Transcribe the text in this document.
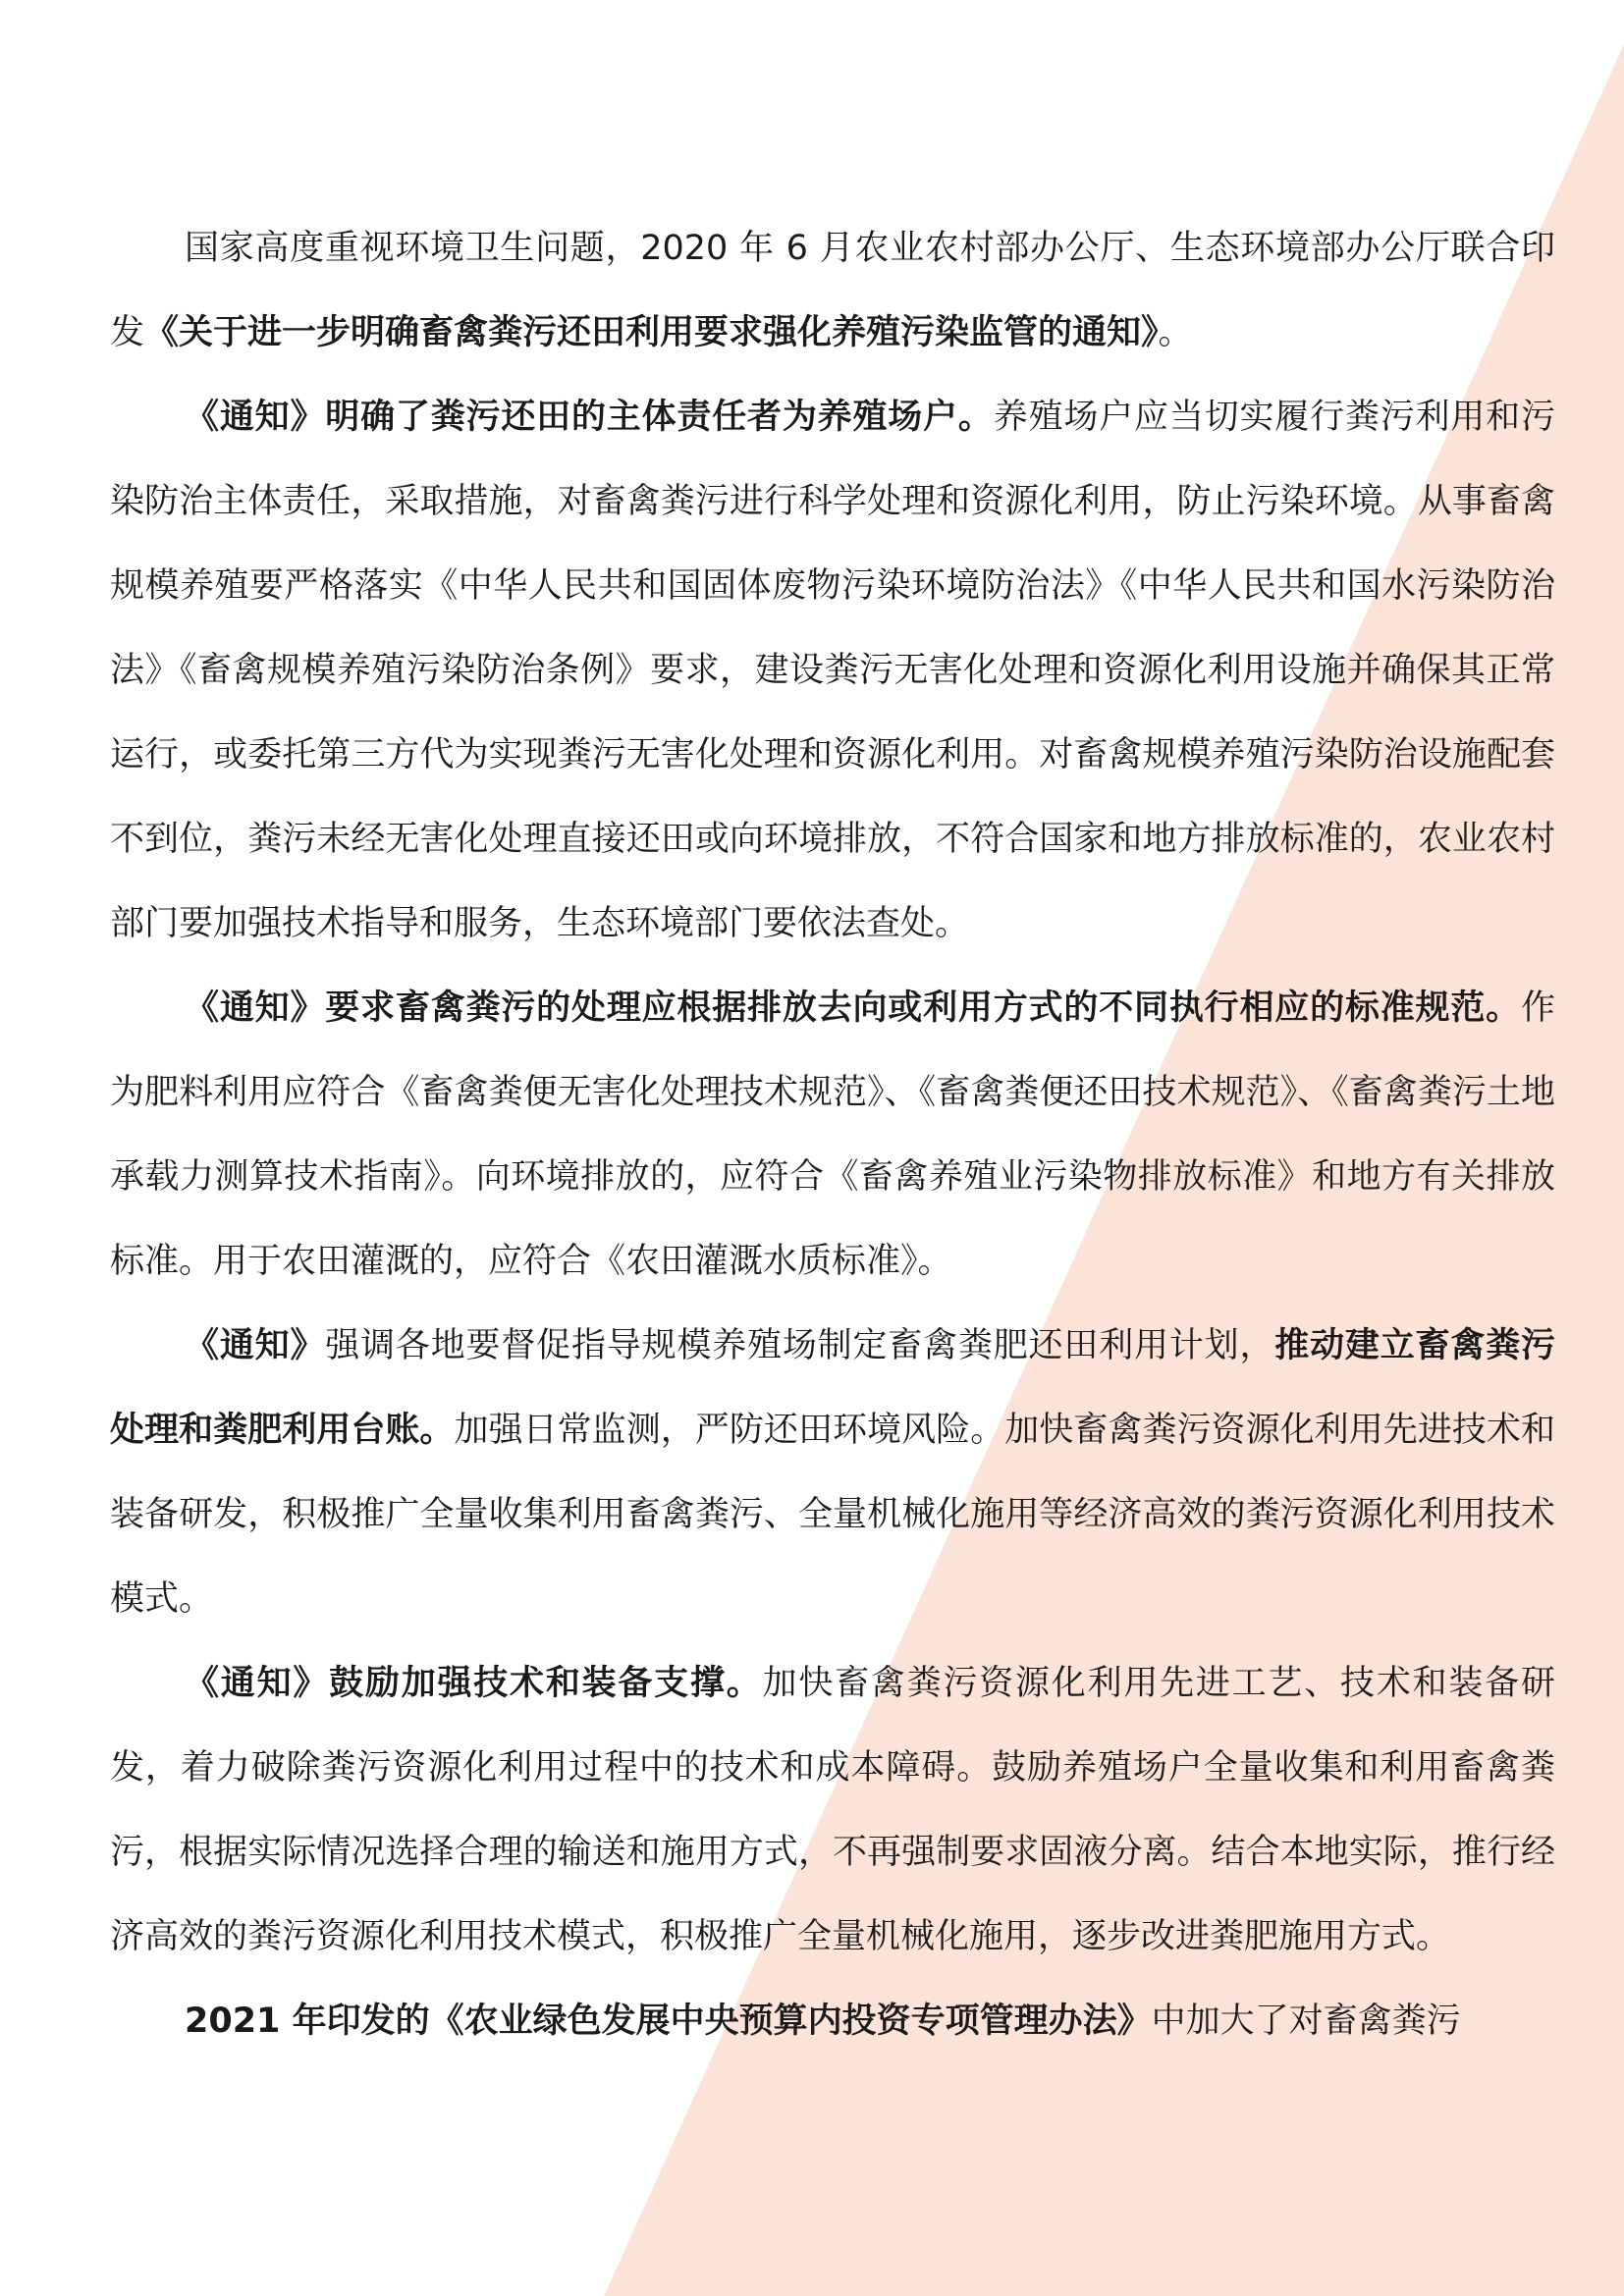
国家高度重视环境卫生问题，2020 年 6 月农业农村部办公厅、生态环境部办公厅联合印发《关于进一步明确畜禽粪污还田利用要求强化养殖污染监管的通知》。

《通知》明确了粪污还田的主体责任者为养殖场户。养殖场户应当切实履行粪污利用和污染防治主体责任，采取措施，对畜禽粪污进行科学处理和资源化利用，防止污染环境。从事畜禽规模养殖要严格落实《中华人民共和国固体废物污染环境防治法》《中华人民共和国水污染防治法》《畜禽规模养殖污染防治条例》要求，建设粪污无害化处理和资源化利用设施并确保其正常运行，或委托第三方代为实现粪污无害化处理和资源化利用。对畜禽规模养殖污染防治设施配套不到位，粪污未经无害化处理直接还田或向环境排放，不符合国家和地方排放标准的，农业农村部门要加强技术指导和服务，生态环境部门要依法查处。

《通知》要求畜禽粪污的处理应根据排放去向或利用方式的不同执行相应的标准规范。作为肥料利用应符合《畜禽粪便无害化处理技术规范》、《畜禽粪便还田技术规范》、《畜禽粪污土地承载力测算技术指南》。向环境排放的，应符合《畜禽养殖业污染物排放标准》和地方有关排放标准。用于农田灌溉的，应符合《农田灌溉水质标准》。

《通知》强调各地要督促指导规模养殖场制定畜禽粪肥还田利用计划，推动建立畜禽粪污处理和粪肥利用台账。加强日常监测，严防还田环境风险。加快畜禽粪污资源化利用先进技术和装备研发，积极推广全量收集利用畜禽粪污、全量机械化施用等经济高效的粪污资源化利用技术模式。

《通知》鼓励加强技术和装备支撑。加快畜禽粪污资源化利用先进工艺、技术和装备研发，着力破除粪污资源化利用过程中的技术和成本障碍。鼓励养殖场户全量收集和利用畜禽粪污，根据实际情况选择合理的输送和施用方式，不再强制要求固液分离。结合本地实际，推行经济高效的粪污资源化利用技术模式，积极推广全量机械化施用，逐步改进粪肥施用方式。

2021 年印发的《农业绿色发展中央预算内投资专项管理办法》中加大了对畜禽粪污
